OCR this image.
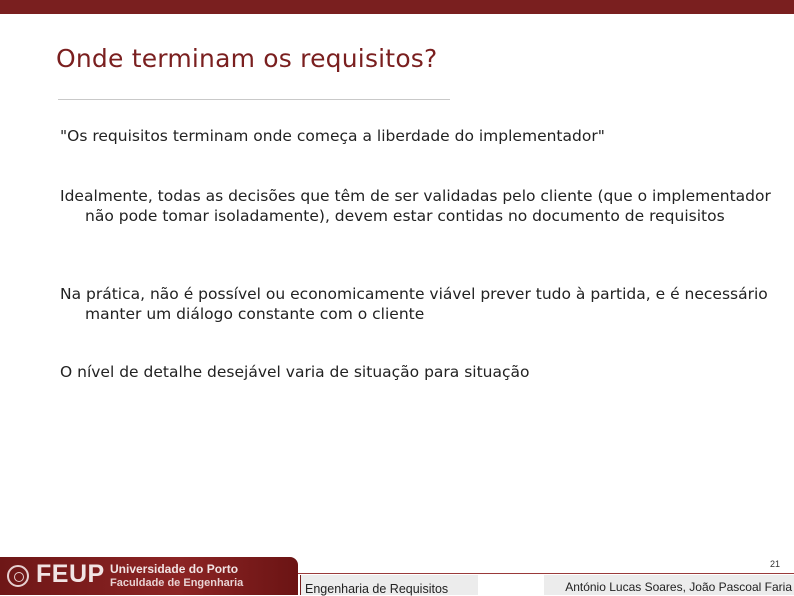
Onde terminam os requisitos?

"Os requisitos terminam onde começa a liberdade do implementador"

Idealmente, todas as decisões que têm de ser validadas pelo cliente (que o implementador não pode tomar isoladamente), devem estar contidas no documento de requisitos

Na prática, não é possível ou economicamente viável prever tudo à partida, e é necessário manter um diálogo constante com o cliente

O nível de detalhe desejável varia de situação para situação

FEUP Universidade do Porto
Faculdade de Engenharia
21
Engenharia de Requisitos	António Lucas Soares, João Pascoal Faria
